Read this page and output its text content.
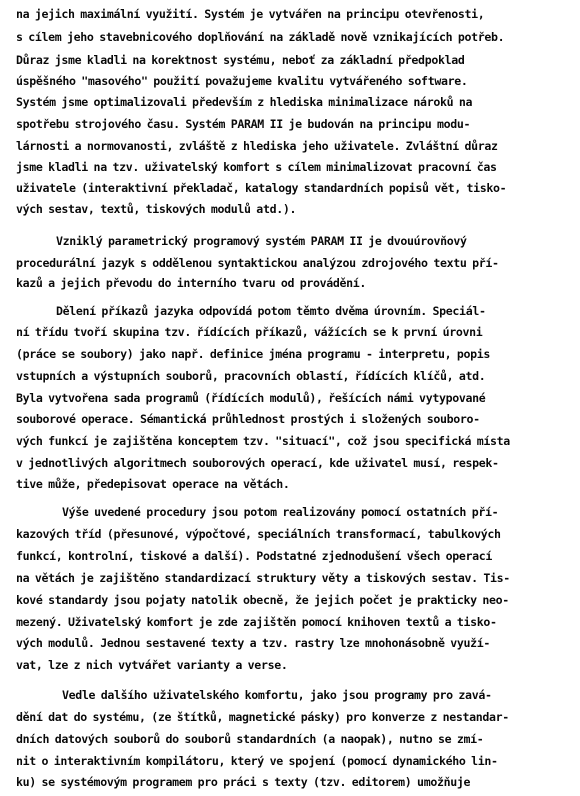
na jejich maximální využití. Systém je vytvářen na principu otevřenosti,
s cílem jeho stavebnicového doplňování na základě nově vznikajících potřeb.
Důraz jsme kladli na korektnost systému, neboť za základní předpoklad
úspěšného "masového" použití považujeme kvalitu vytvářeného software.
Systém jsme optimalizovali především z hlediska minimalizace nároků na
spotřebu strojového času. Systém PARAM II je budován na principu modu-
lárnosti a normovanosti, zvláště z hlediska jeho uživatele. Zvláštní důraz
jsme kladli na tzv. uživatelský komfort s cílem minimalizovat pracovní čas
uživatele (interaktivní překladač, katalogy standardních popisů vět, tisko-
vých sestav, textů, tiskových modulů atd.).
Vzniklý parametrický programový systém PARAM II je dvouúrovňový
procedurální jazyk s oddělenou syntaktickou analýzou zdrojového textu pří-
kazů a jejich převodu do interního tvaru od provádění.
Dělení příkazů jazyka odpovídá potom těmto dvěma úrovním. Speciál-
ní třídu tvoří skupina tzv. řídících příkazů, vážících se k první úrovni
(práce se soubory) jako např. definice jména programu - interpretu, popis
vstupních a výstupních souborů, pracovních oblastí, řídících klíčů, atd.
Byla vytvořena sada programů (řídících modulů), řešících námi vytypované
souborové operace. Sémantická průhlednost prostých i složených souboro-
vých funkcí je zajištěna konceptem tzv. "situací", což jsou specifická místa
v jednotlivých algoritmech souborových operací, kde uživatel musí, respek-
tive může, předepisovat operace na větách.
Výše uvedené procedury jsou potom realizovány pomocí ostatních pří-
kazových tříd (přesunové, výpočtové, speciálních transformací, tabulkových
funkcí, kontrolní, tiskové a další). Podstatné zjednodušení všech operací
na větách je zajištěno standardizací struktury věty a tiskových sestav. Tis-
kové standardy jsou pojaty natolik obecně, že jejich počet je prakticky neo-
mezený. Uživatelský komfort je zde zajištěn pomocí knihoven textů a tisko-
vých modulů. Jednou sestavené texty a tzv. rastry lze mnohonásobně využí-
vat, lze z nich vytvářet varianty a verse.
Vedle dalšího uživatelského komfortu, jako jsou programy pro zavá-
dění dat do systému, (ze štítků, magnetické pásky) pro konverze z nestandar-
dních datových souborů do souborů standardních (a naopak), nutno se zmí-
nit o interaktivním kompilátoru, který ve spojení (pomocí dynamického lin-
ku) se systémovým programem pro práci s texty (tzv. editorem) umožňuje
